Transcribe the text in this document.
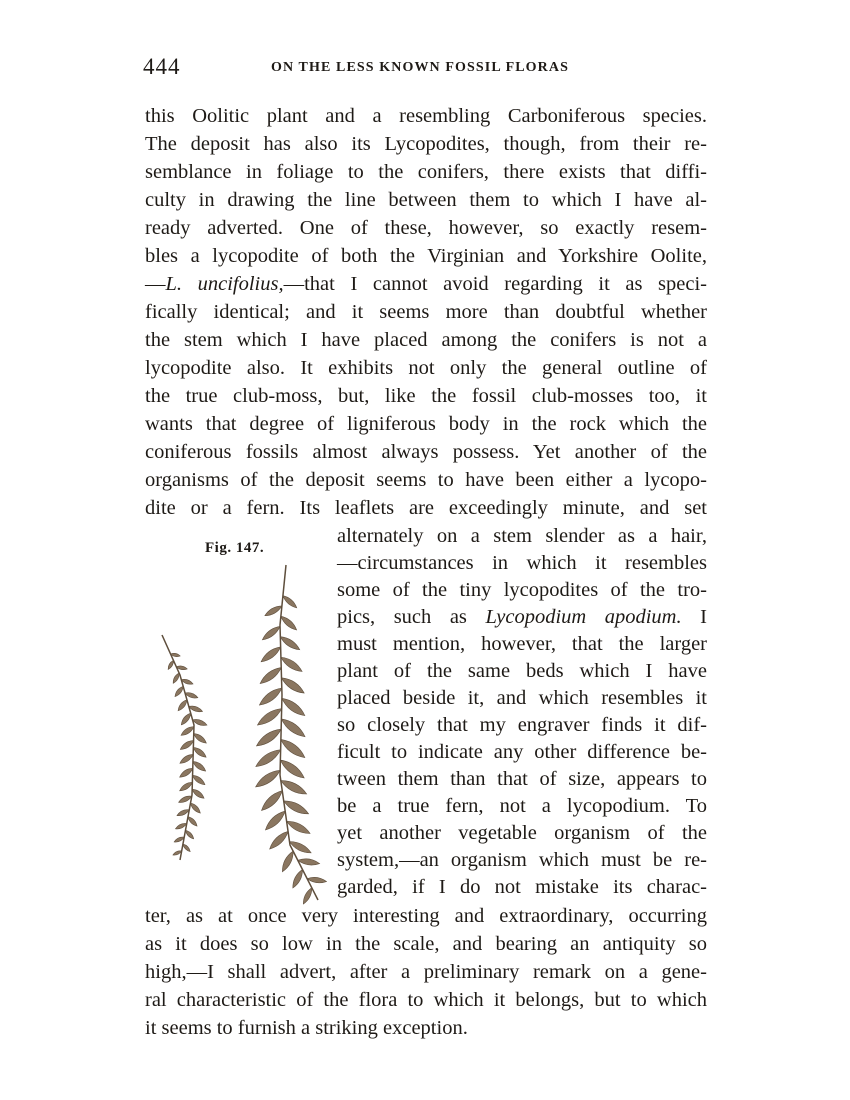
444	ON THE LESS KNOWN FOSSIL FLORAS
this Oolitic plant and a resembling Carboniferous species.
The deposit has also its Lycopodites, though, from their re-
semblance in foliage to the conifers, there exists that diffi-
culty in drawing the line between them to which I have al-
ready adverted. One of these, however, so exactly resem-
bles a lycopodite of both the Virginian and Yorkshire Oolite,
—L. uncifolius,—that I cannot avoid regarding it as speci-
fically identical; and it seems more than doubtful whether
the stem which I have placed among the conifers is not a
lycopodite also. It exhibits not only the general outline of
the true club-moss, but, like the fossil club-mosses too, it
wants that degree of ligniferous body in the rock which the
coniferous fossils almost always possess. Yet another of the
organisms of the deposit seems to have been either a lycopo-
dite or a fern. Its leaflets are exceedingly minute, and set
Fig. 147.
alternately on a stem slender as a hair,
—circumstances in which it resembles
some of the tiny lycopodites of the tro-
pics, such as Lycopodium apodium. I
must mention, however, that the larger
plant of the same beds which I have
placed beside it, and which resembles it
so closely that my engraver finds it dif-
ficult to indicate any other difference be-
tween them than that of size, appears to
be a true fern, not a lycopodium. To
yet another vegetable organism of the
system,—an organism which must be re-
garded, if I do not mistake its charac-
ter, as at once very interesting and extraordinary, occurring
as it does so low in the scale, and bearing an antiquity so
high,—I shall advert, after a preliminary remark on a gene-
ral characteristic of the flora to which it belongs, but to which
it seems to furnish a striking exception.
